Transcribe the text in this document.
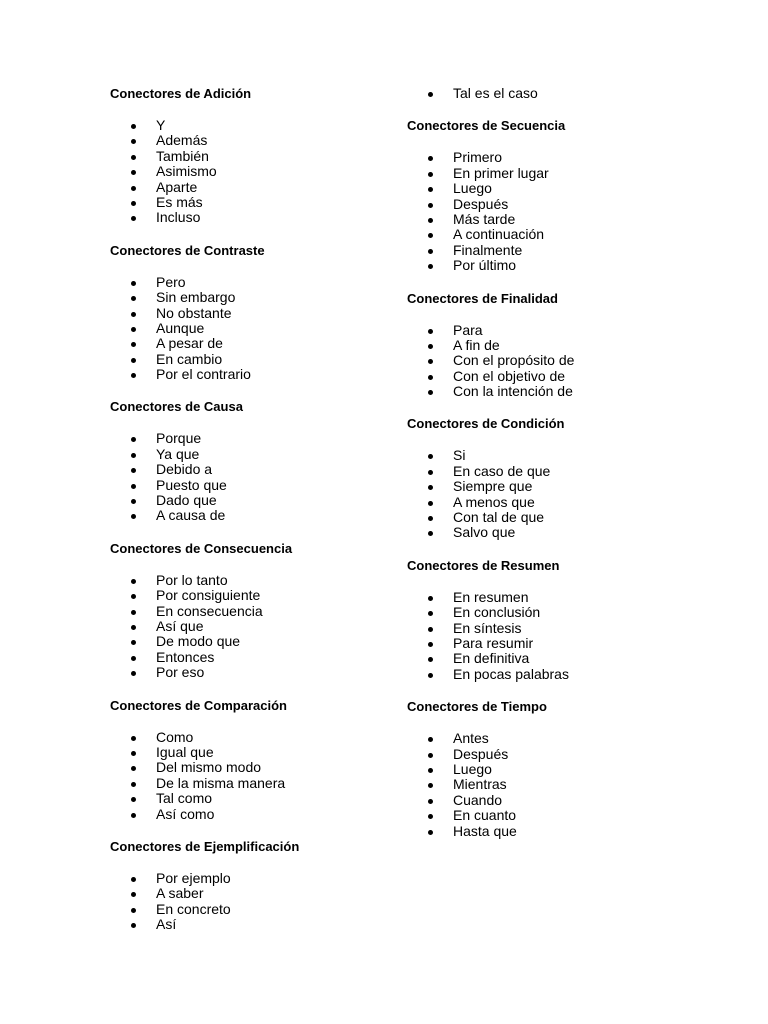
Conectores de Adición
Y
Además
También
Asimismo
Aparte
Es más
Incluso
Conectores de Contraste
Pero
Sin embargo
No obstante
Aunque
A pesar de
En cambio
Por el contrario
Conectores de Causa
Porque
Ya que
Debido a
Puesto que
Dado que
A causa de
Conectores de Consecuencia
Por lo tanto
Por consiguiente
En consecuencia
Así que
De modo que
Entonces
Por eso
Conectores de Comparación
Como
Igual que
Del mismo modo
De la misma manera
Tal como
Así como
Conectores de Ejemplificación
Por ejemplo
A saber
En concreto
Así
Tal es el caso
Conectores de Secuencia
Primero
En primer lugar
Luego
Después
Más tarde
A continuación
Finalmente
Por último
Conectores de Finalidad
Para
A fin de
Con el propósito de
Con el objetivo de
Con la intención de
Conectores de Condición
Si
En caso de que
Siempre que
A menos que
Con tal de que
Salvo que
Conectores de Resumen
En resumen
En conclusión
En síntesis
Para resumir
En definitiva
En pocas palabras
Conectores de Tiempo
Antes
Después
Luego
Mientras
Cuando
En cuanto
Hasta que
